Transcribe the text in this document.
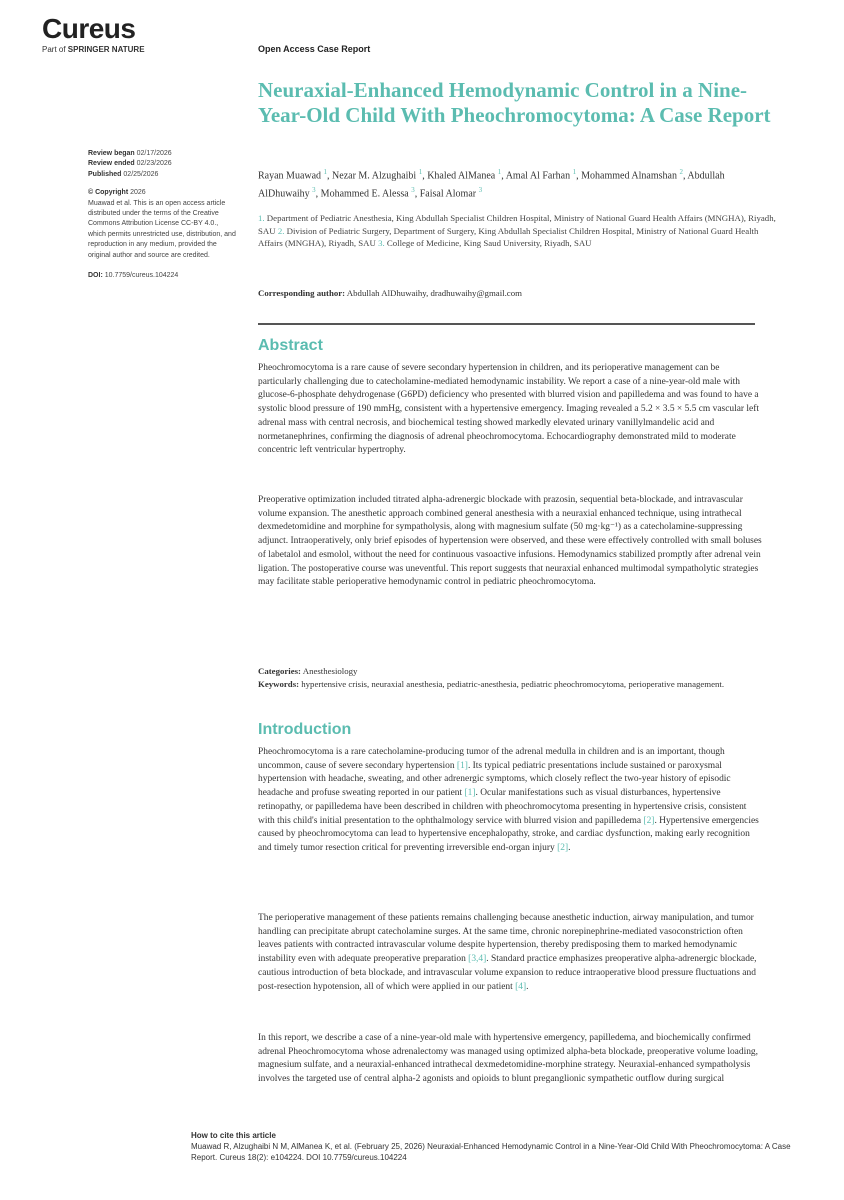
Cureus
Part of SPRINGER NATURE	Open Access Case Report
Neuraxial-Enhanced Hemodynamic Control in a Nine-Year-Old Child With Pheochromocytoma: A Case Report
Review began 02/17/2026
Review ended 02/23/2026
Published 02/25/2026
© Copyright 2026
Muawad et al. This is an open access article distributed under the terms of the Creative Commons Attribution License CC-BY 4.0., which permits unrestricted use, distribution, and reproduction in any medium, provided the original author and source are credited.
DOI: 10.7759/cureus.104224
Rayan Muawad $^1$, Nezar M. Alzughaibi $^1$, Khaled AlManea $^1$, Amal Al Farhan $^1$, Mohammed Alnamshan $^2$, Abdullah AlDhuwaihy $^3$, Mohammed E. Alessa $^3$, Faisal Alomar $^3$
1. Department of Pediatric Anesthesia, King Abdullah Specialist Children Hospital, Ministry of National Guard Health Affairs (MNGHA), Riyadh, SAU 2. Division of Pediatric Surgery, Department of Surgery, King Abdullah Specialist Children Hospital, Ministry of National Guard Health Affairs (MNGHA), Riyadh, SAU 3. College of Medicine, King Saud University, Riyadh, SAU
Corresponding author: Abdullah AlDhuwaihy, dradhuwaihy@gmail.com
Abstract

Pheochromocytoma is a rare cause of severe secondary hypertension in children, and its perioperative management can be particularly challenging due to catecholamine-mediated hemodynamic instability. We report a case of a nine-year-old male with glucose-6-phosphate dehydrogenase (G6PD) deficiency who presented with blurred vision and papilledema and was found to have a systolic blood pressure of 190 mmHg, consistent with a hypertensive emergency. Imaging revealed a 5.2 × 3.5 × 5.5 cm vascular left adrenal mass with central necrosis, and biochemical testing showed markedly elevated urinary vanillylmandelic acid and normetanephrines, confirming the diagnosis of adrenal pheochromocytoma. Echocardiography demonstrated mild to moderate concentric left ventricular hypertrophy.

Preoperative optimization included titrated alpha-adrenergic blockade with prazosin, sequential beta-blockade, and intravascular volume expansion. The anesthetic approach combined general anesthesia with a neuraxial enhanced technique, using intrathecal dexmedetomidine and morphine for sympatholysis, along with magnesium sulfate (50 mg·kg⁻¹) as a catecholamine-suppressing adjunct. Intraoperatively, only brief episodes of hypertension were observed, and these were effectively controlled with small boluses of labetalol and esmolol, without the need for continuous vasoactive infusions. Hemodynamics stabilized promptly after adrenal vein ligation. The postoperative course was uneventful. This report suggests that neuraxial enhanced multimodal sympatholytic strategies may facilitate stable perioperative hemodynamic control in pediatric pheochromocytoma.

Categories: Anesthesiology
Keywords: hypertensive crisis, neuraxial anesthesia, pediatric-anesthesia, pediatric pheochromocytoma, perioperative management.
Introduction

Pheochromocytoma is a rare catecholamine-producing tumor of the adrenal medulla in children and is an important, though uncommon, cause of severe secondary hypertension [1]. Its typical pediatric presentations include sustained or paroxysmal hypertension with headache, sweating, and other adrenergic symptoms, which closely reflect the two-year history of episodic headache and profuse sweating reported in our patient [1]. Ocular manifestations such as visual disturbances, hypertensive retinopathy, or papilledema have been described in children with pheochromocytoma presenting in hypertensive crisis, consistent with this child's initial presentation to the ophthalmology service with blurred vision and papilledema [2]. Hypertensive emergencies caused by pheochromocytoma can lead to hypertensive encephalopathy, stroke, and cardiac dysfunction, making early recognition and timely tumor resection critical for preventing irreversible end-organ injury [2].

The perioperative management of these patients remains challenging because anesthetic induction, airway manipulation, and tumor handling can precipitate abrupt catecholamine surges. At the same time, chronic norepinephrine-mediated vasoconstriction often leaves patients with contracted intravascular volume despite hypertension, thereby predisposing them to marked hemodynamic instability even with adequate preoperative preparation [3,4]. Standard practice emphasizes preoperative alpha-adrenergic blockade, cautious introduction of beta blockade, and intravascular volume expansion to reduce intraoperative blood pressure fluctuations and post-resection hypotension, all of which were applied in our patient [4].

In this report, we describe a case of a nine-year-old male with hypertensive emergency, papilledema, and biochemically confirmed adrenal Pheochromocytoma whose adrenalectomy was managed using optimized alpha-beta blockade, preoperative volume loading, magnesium sulfate, and a neuraxial-enhanced intrathecal dexmedetomidine-morphine strategy. Neuraxial-enhanced sympatholysis involves the targeted use of central alpha-2 agonists and opioids to blunt preganglionic sympathetic outflow during surgical

How to cite this article
Muawad R, Alzughaibi N M, AlManea K, et al. (February 25, 2026) Neuraxial-Enhanced Hemodynamic Control in a Nine-Year-Old Child With Pheochromocytoma: A Case Report. Cureus 18(2): e104224. DOI 10.7759/cureus.104224
